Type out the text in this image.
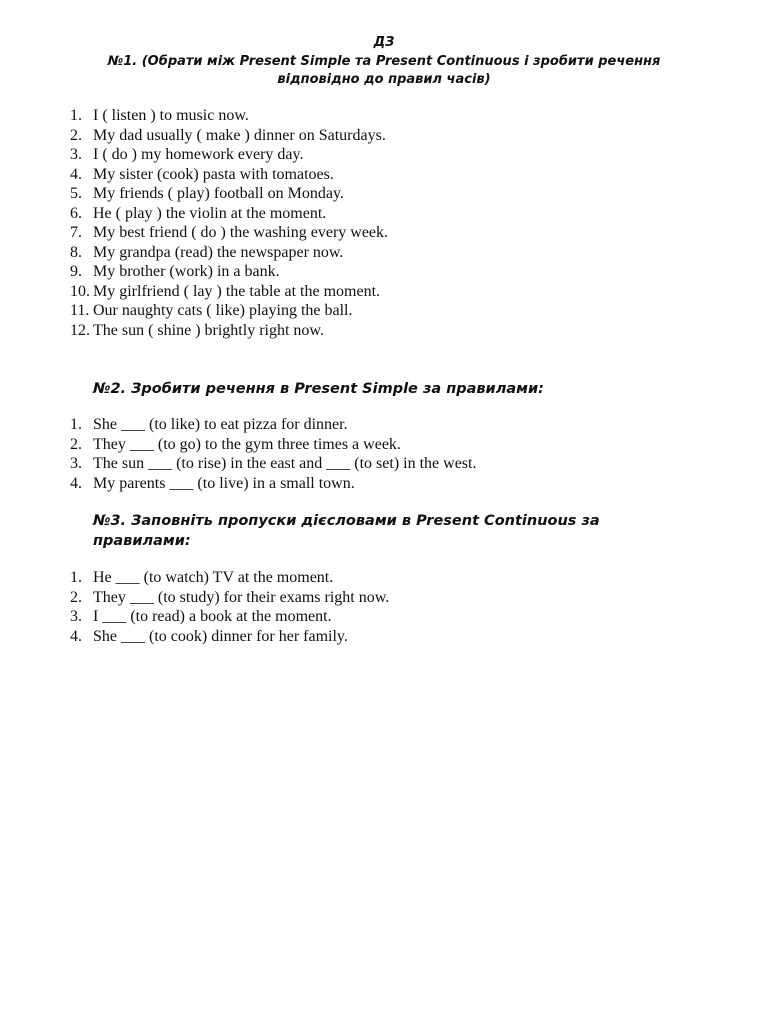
ДЗ
№1. (Обрати між Present Simple та Present Continuous і зробити речення
відповідно до правил часів)
1. I ( listen ) to music now.
2. My dad usually ( make ) dinner on Saturdays.
3. I ( do ) my homework every day.
4. My sister (cook) pasta with tomatoes.
5. My friends ( play) football on Monday.
6. He ( play ) the violin at the moment.
7. My best friend ( do ) the washing every week.
8. My grandpa (read) the newspaper now.
9. My brother (work) in a bank.
10. My girlfriend ( lay ) the table at the moment.
11. Our naughty cats ( like) playing the ball.
12. The sun ( shine ) brightly right now.
№2. Зробити речення в Present Simple за правилами:
1. She ___ (to like) to eat pizza for dinner.
2. They ___ (to go) to the gym three times a week.
3. The sun ___ (to rise) in the east and ___ (to set) in the west.
4. My parents ___ (to live) in a small town.
№3. Заповніть пропуски дієсловами в Present Continuous за
правилами:
1. He ___ (to watch) TV at the moment.
2. They ___ (to study) for their exams right now.
3. I ___ (to read) a book at the moment.
4. She ___ (to cook) dinner for her family.
